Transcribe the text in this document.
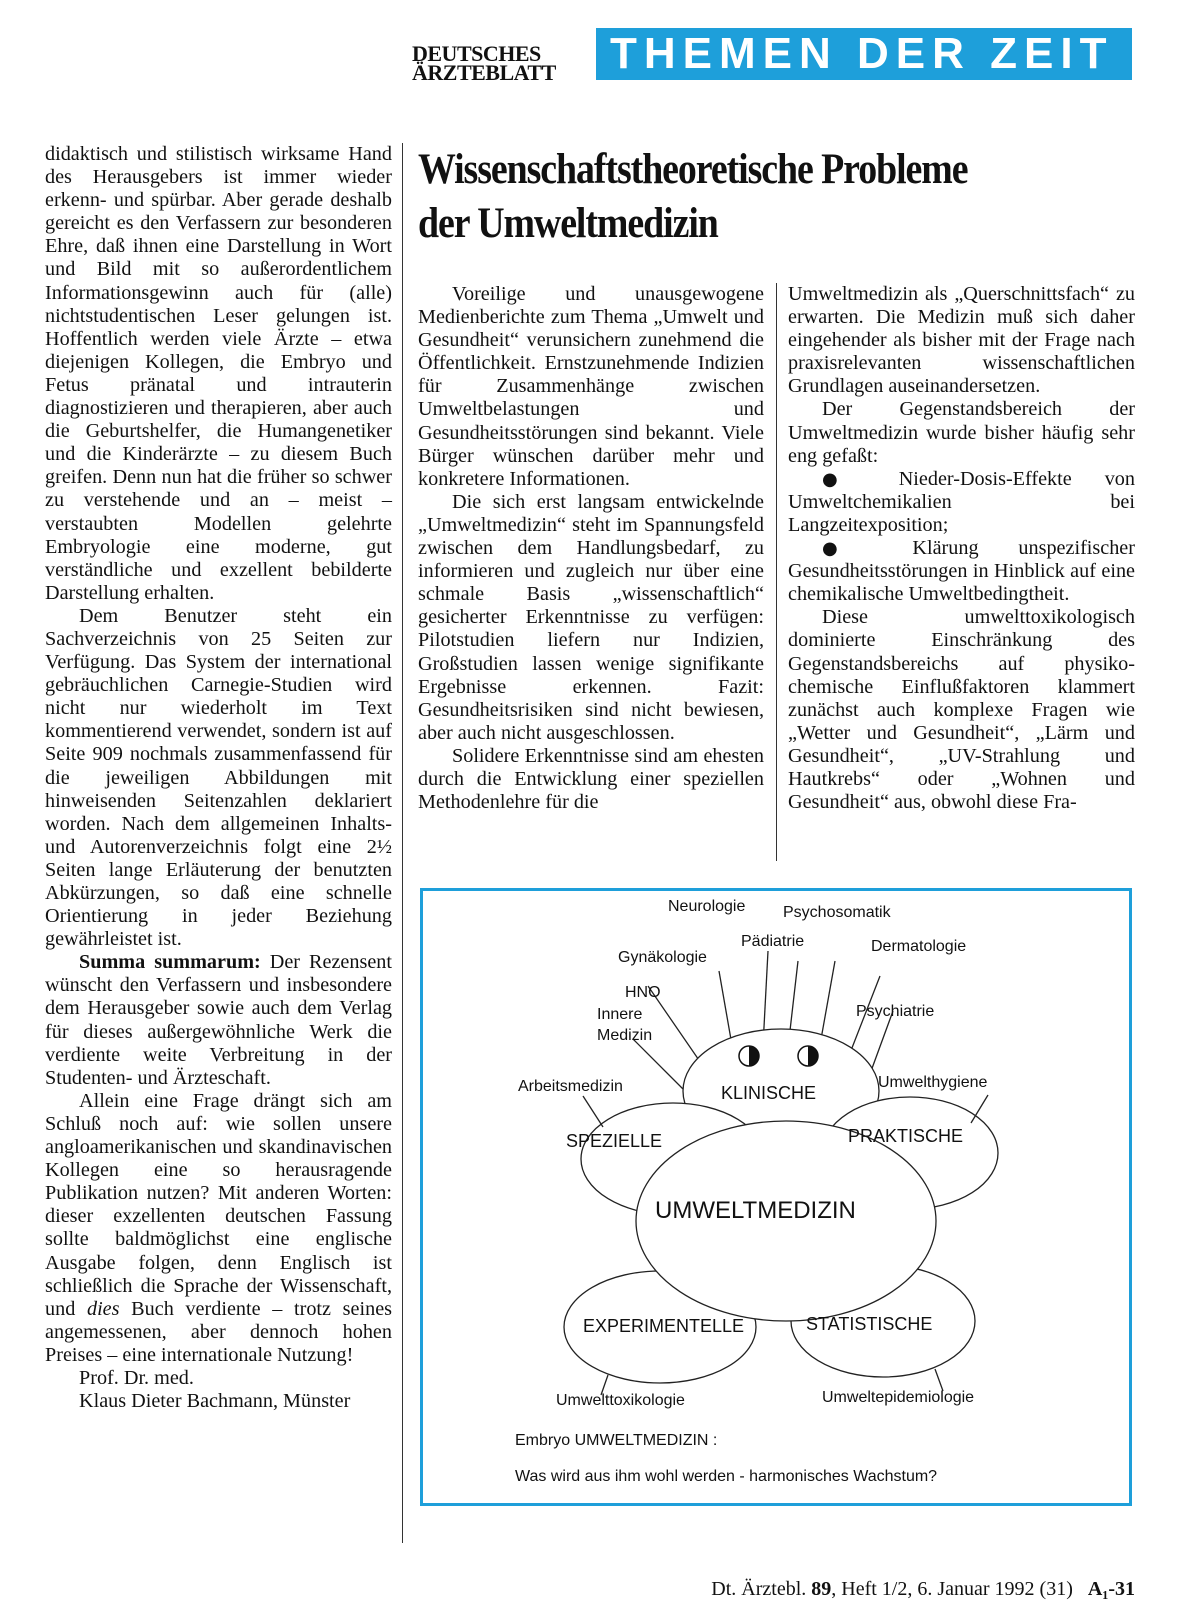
DEUTSCHES
ÄRZTEBLATT	THEMEN DER ZEIT

didaktisch und stilistisch wirksame Hand des Herausgebers ist immer wieder erkenn- und spürbar. Aber gerade deshalb gereicht es den Verfassern zur besonderen Ehre, daß ihnen eine Darstellung in Wort und Bild mit so außerordentlichem Informationsgewinn auch für (alle) nichtstudentischen Leser gelungen ist. Hoffentlich werden viele Ärzte – etwa diejenigen Kollegen, die Embryo und Fetus pränatal und intrauterin diagnostizieren und therapieren, aber auch die Geburtshelfer, die Humangenetiker und die Kinderärzte – zu diesem Buch greifen. Denn nun hat die früher so schwer zu verstehende und an – meist – verstaubten Modellen gelehrte Embryologie eine moderne, gut verständliche und exzellent bebilderte Darstellung erhalten.

Dem Benutzer steht ein Sachverzeichnis von 25 Seiten zur Verfügung. Das System der international gebräuchlichen Carnegie-Studien wird nicht nur wiederholt im Text kommentierend verwendet, sondern ist auf Seite 909 nochmals zusammenfassend für die jeweiligen Abbildungen mit hinweisenden Seitenzahlen deklariert worden. Nach dem allgemeinen Inhalts- und Autorenverzeichnis folgt eine 2½ Seiten lange Erläuterung der benutzten Abkürzungen, so daß eine schnelle Orientierung in jeder Beziehung gewährleistet ist.

Summa summarum: Der Rezensent wünscht den Verfassern und insbesondere dem Herausgeber sowie auch dem Verlag für dieses außergewöhnliche Werk die verdiente weite Verbreitung in der Studenten- und Ärzteschaft.

Allein eine Frage drängt sich am Schluß noch auf: wie sollen unsere angloamerikanischen und skandinavischen Kollegen eine so herausragende Publikation nutzen? Mit anderen Worten: dieser exzellenten deutschen Fassung sollte baldmöglichst eine englische Ausgabe folgen, denn Englisch ist schließlich die Sprache der Wissenschaft, und dies Buch verdiente – trotz seines angemessenen, aber dennoch hohen Preises – eine internationale Nutzung!

Prof. Dr. med.

Klaus Dieter Bachmann, Münster

Wissenschaftstheoretische Probleme
der Umweltmedizin

Voreilige und unausgewogene Medienberichte zum Thema „Umwelt und Gesundheit“ verunsichern zunehmend die Öffentlichkeit. Ernstzunehmende Indizien für Zusammenhänge zwischen Umweltbelastungen und Gesundheitsstörungen sind bekannt. Viele Bürger wünschen darüber mehr und konkretere Informationen.

Die sich erst langsam entwickelnde „Umweltmedizin“ steht im Spannungsfeld zwischen dem Handlungsbedarf, zu informieren und zugleich nur über eine schmale Basis „wissenschaftlich“ gesicherter Erkenntnisse zu verfügen: Pilotstudien liefern nur Indizien, Großstudien lassen wenige signifikante Ergebnisse erkennen. Fazit: Gesundheitsrisiken sind nicht bewiesen, aber auch nicht ausgeschlossen.

Solidere Erkenntnisse sind am ehesten durch die Entwicklung einer speziellen Methodenlehre für die

Umweltmedizin als „Querschnittsfach“ zu erwarten. Die Medizin muß sich daher eingehender als bisher mit der Frage nach praxisrelevanten wissenschaftlichen Grundlagen auseinandersetzen.

Der Gegenstandsbereich der Umweltmedizin wurde bisher häufig sehr eng gefaßt:

● Nieder-Dosis-Effekte von Umweltchemikalien bei Langzeitexposition;

● Klärung unspezifischer Gesundheitsstörungen in Hinblick auf eine chemikalische Umweltbedingtheit.

Diese umwelttoxikologisch dominierte Einschränkung des Gegenstandsbereichs auf physiko-chemische Einflußfaktoren klammert zunächst auch komplexe Fragen wie „Wetter und Gesundheit“, „Lärm und Gesundheit“, „UV-Strahlung und Hautkrebs“ oder „Wohnen und Gesundheit“ aus, obwohl diese Fra-

UMWELTMEDIZIN
KLINISCHE
SPEZIELLE	PRAKTISCHE
EXPERIMENTELLE	STATISTISCHE
Neurologie Psychosomatik
Pädiatrie	Dermatologie
Gynäkologie
HNO
Innere
Medizin
Psychiatrie
Arbeitsmedizin	Umwelthygiene
Umwelttoxikologie	Umweltepidemiologie
Embryo UMWELTMEDIZIN :
Was wird aus ihm wohl werden - harmonisches Wachstum?
Dt. Ärztebl. 89, Heft 1/2, 6. Januar 1992 (31) A₁-31
